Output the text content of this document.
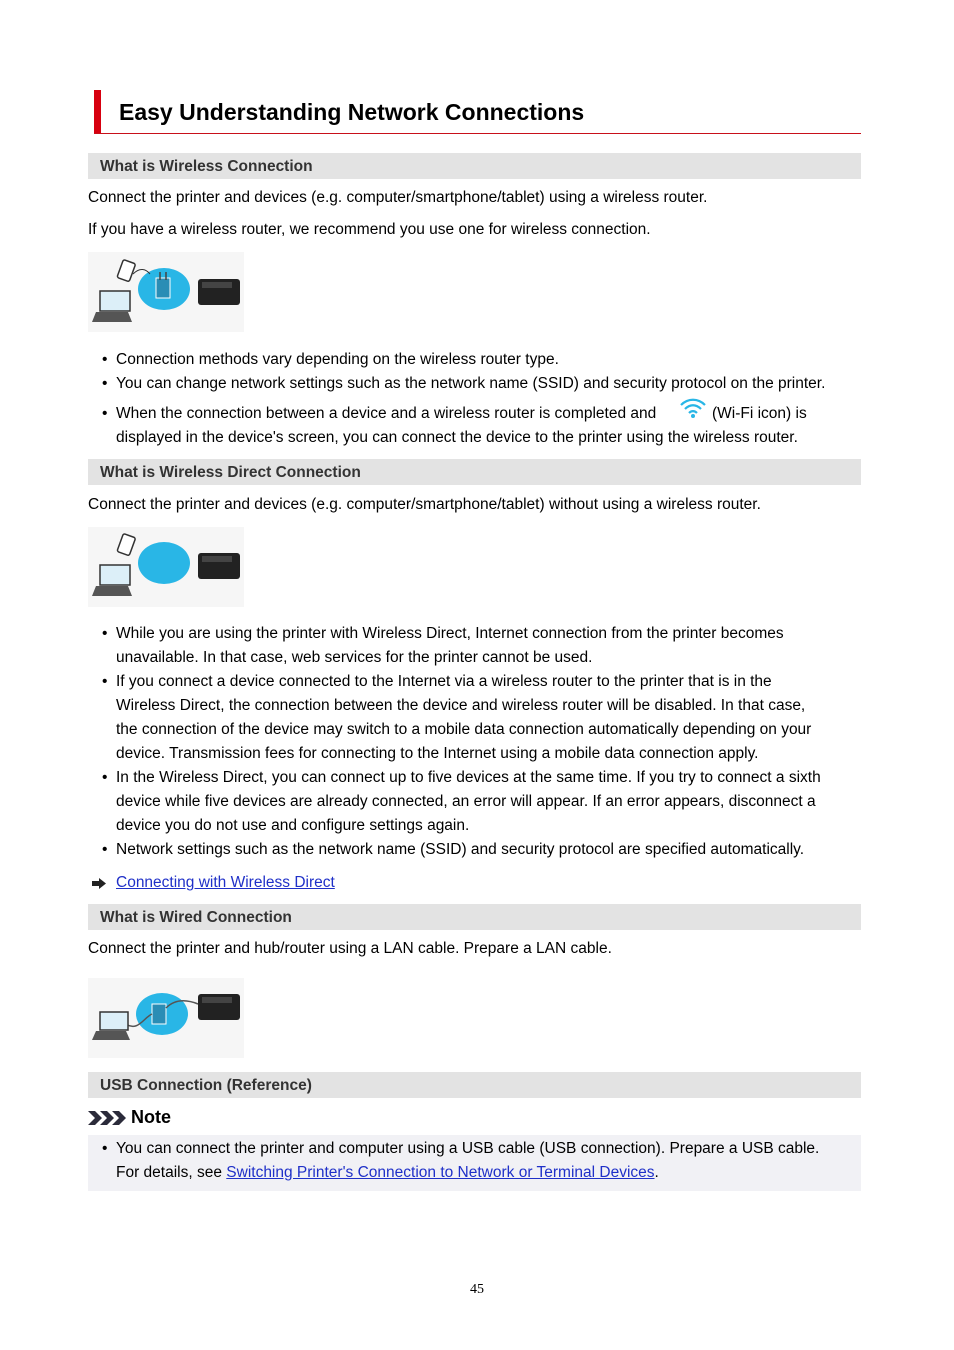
Easy Understanding Network Connections
What is Wireless Connection
Connect the printer and devices (e.g. computer/smartphone/tablet) using a wireless router.
If you have a wireless router, we recommend you use one for wireless connection.
• Connection methods vary depending on the wireless router type.
• You can change network settings such as the network name (SSID) and security protocol on the printer.
• When the connection between a device and a wireless router is completed and	(Wi-Fi icon) is
displayed in the device's screen, you can connect the device to the printer using the wireless router.
What is Wireless Direct Connection
Connect the printer and devices (e.g. computer/smartphone/tablet) without using a wireless router.
• While you are using the printer with Wireless Direct, Internet connection from the printer becomes
unavailable. In that case, web services for the printer cannot be used.
• If you connect a device connected to the Internet via a wireless router to the printer that is in the
Wireless Direct, the connection between the device and wireless router will be disabled. In that case,
the connection of the device may switch to a mobile data connection automatically depending on your
device. Transmission fees for connecting to the Internet using a mobile data connection apply.
• In the Wireless Direct, you can connect up to five devices at the same time. If you try to connect a sixth
device while five devices are already connected, an error will appear. If an error appears, disconnect a
device you do not use and configure settings again.
• Network settings such as the network name (SSID) and security protocol are specified automatically.
Connecting with Wireless Direct
What is Wired Connection
Connect the printer and hub/router using a LAN cable. Prepare a LAN cable.
USB Connection (Reference)
Note
• You can connect the printer and computer using a USB cable (USB connection). Prepare a USB cable.
For details, see Switching Printer's Connection to Network or Terminal Devices.
45
